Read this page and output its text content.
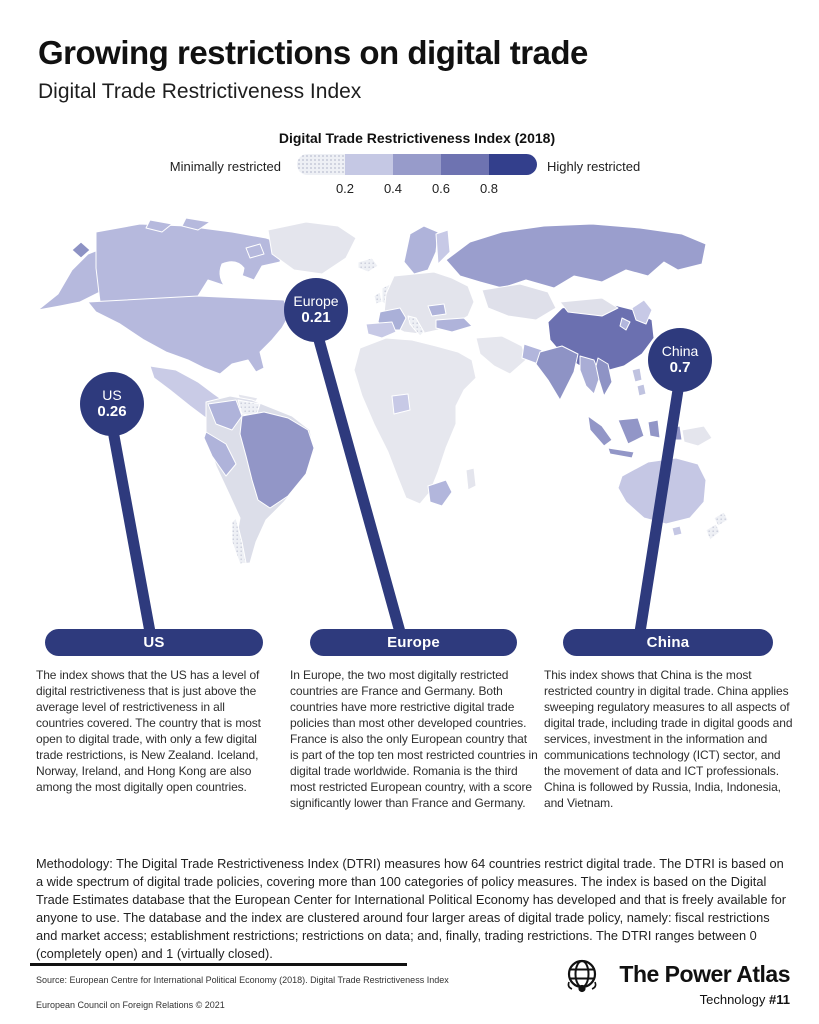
Growing restrictions on digital trade
Digital Trade Restrictiveness Index
Digital Trade Restrictiveness Index (2018)
Minimally restricted	Highly restricted
0.2	0.4	0.6	0.8
US
0.26
Europe
0.21
China
0.7
US	Europe	China
The index shows that the US has a level of digital restrictiveness that is just above the average level of restrictiveness in all countries covered. The country that is most open to digital trade, with only a few digital trade restrictions, is New Zealand. Iceland, Norway, Ireland, and Hong Kong are also among the most digitally open countries.
In Europe, the two most digitally restricted countries are France and Germany. Both countries have more restrictive digital trade policies than most other developed countries. France is also the only European country that is part of the top ten most restricted countries in digital trade worldwide. Romania is the third most restricted European country, with a score significantly lower than France and Germany.
This index shows that China is the most restricted country in digital trade. China applies sweeping regulatory measures to all aspects of digital trade, including trade in digital goods and services, investment in the information and communications technology (ICT) sector, and the movement of data and ICT professionals. China is followed by Russia, India, Indonesia, and Vietnam.
Methodology: The Digital Trade Restrictiveness Index (DTRI) measures how 64 countries restrict digital trade. The DTRI is based on a wide spectrum of digital trade policies, covering more than 100 categories of policy measures. The index is based on the Digital Trade Estimates database that the European Center for International Political Economy has developed and that is freely available for anyone to use. The database and the index are clustered around four larger areas of digital trade policy, namely: fiscal restrictions and market access; establishment restrictions; restrictions on data; and, finally, trading restrictions. The DTRI ranges between 0 (completely open) and 1 (virtually closed).
Source: European Centre for International Political Economy (2018). Digital Trade Restrictiveness Index
European Council on Foreign Relations © 2021
The Power Atlas
Technology #11
